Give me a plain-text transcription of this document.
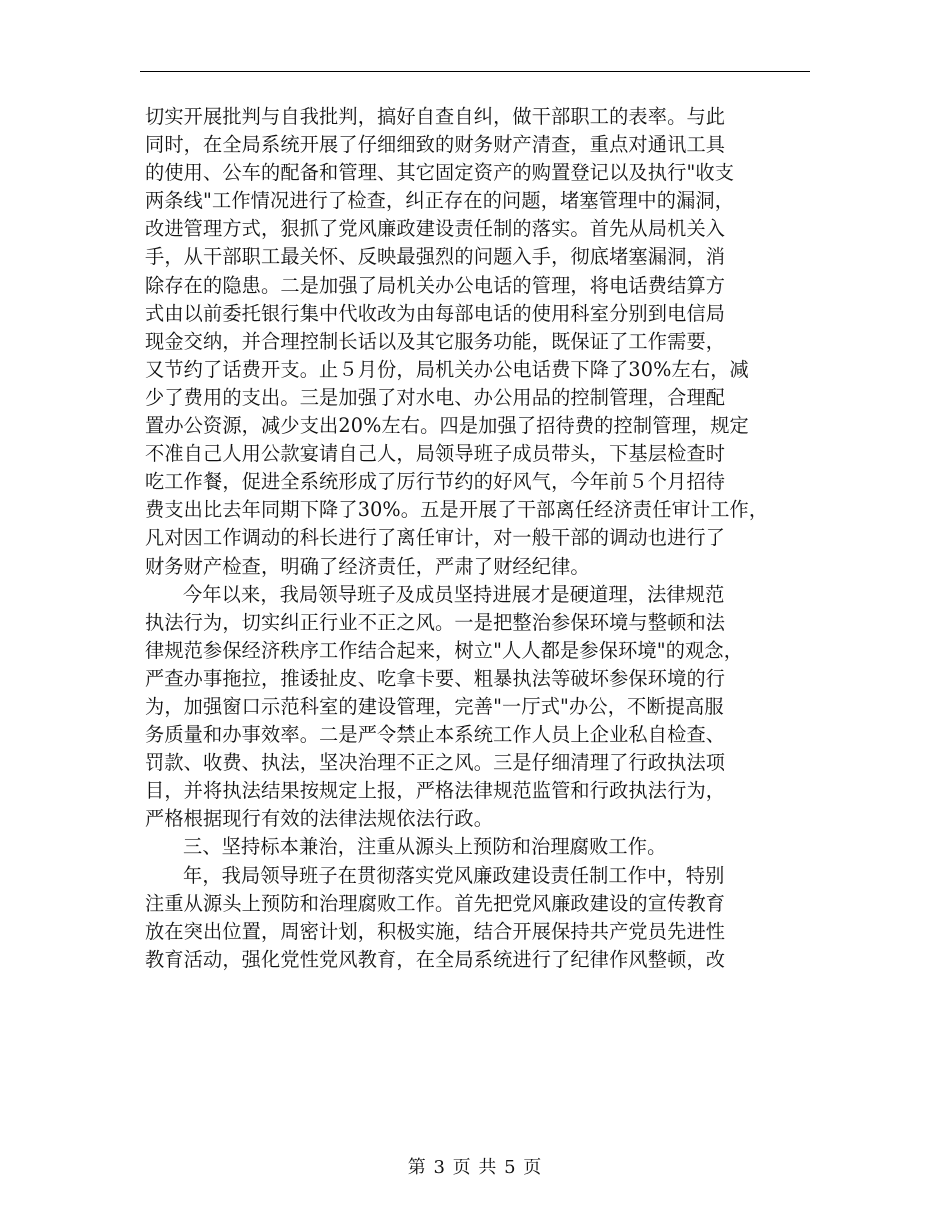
切实开展批判与自我批判，搞好自查自纠，做干部职工的表率。与此
同时，在全局系统开展了仔细细致的财务财产清查，重点对通讯工具
的使用、公车的配备和管理、其它固定资产的购置登记以及执行"收支
两条线"工作情况进行了检查，纠正存在的问题，堵塞管理中的漏洞，
改进管理方式，狠抓了党风廉政建设责任制的落实。首先从局机关入
手，从干部职工最关怀、反映最强烈的问题入手，彻底堵塞漏洞，消
除存在的隐患。二是加强了局机关办公电话的管理，将电话费结算方
式由以前委托银行集中代收改为由每部电话的使用科室分别到电信局
现金交纳，并合理控制长话以及其它服务功能，既保证了工作需要，
又节约了话费开支。止５月份，局机关办公电话费下降了30%左右，减
少了费用的支出。三是加强了对水电、办公用品的控制管理，合理配
置办公资源，减少支出20%左右。四是加强了招待费的控制管理，规定
不准自己人用公款宴请自己人，局领导班子成员带头，下基层检查时
吃工作餐，促进全系统形成了厉行节约的好风气，今年前５个月招待
费支出比去年同期下降了30%。五是开展了干部离任经济责任审计工作，
凡对因工作调动的科长进行了离任审计，对一般干部的调动也进行了
财务财产检查，明确了经济责任，严肃了财经纪律。
今年以来，我局领导班子及成员坚持进展才是硬道理，法律规范
执法行为，切实纠正行业不正之风。一是把整治参保环境与整顿和法
律规范参保经济秩序工作结合起来，树立"人人都是参保环境"的观念，
严查办事拖拉，推诿扯皮、吃拿卡要、粗暴执法等破坏参保环境的行
为，加强窗口示范科室的建设管理，完善"一厅式"办公，不断提高服
务质量和办事效率。二是严令禁止本系统工作人员上企业私自检查、
罚款、收费、执法，坚决治理不正之风。三是仔细清理了行政执法项
目，并将执法结果按规定上报，严格法律规范监管和行政执法行为，
严格根据现行有效的法律法规依法行政。
三、坚持标本兼治，注重从源头上预防和治理腐败工作。
年，我局领导班子在贯彻落实党风廉政建设责任制工作中，特别
注重从源头上预防和治理腐败工作。首先把党风廉政建设的宣传教育
放在突出位置，周密计划，积极实施，结合开展保持共产党员先进性
教育活动，强化党性党风教育，在全局系统进行了纪律作风整顿，改
第 3 页 共 5 页
